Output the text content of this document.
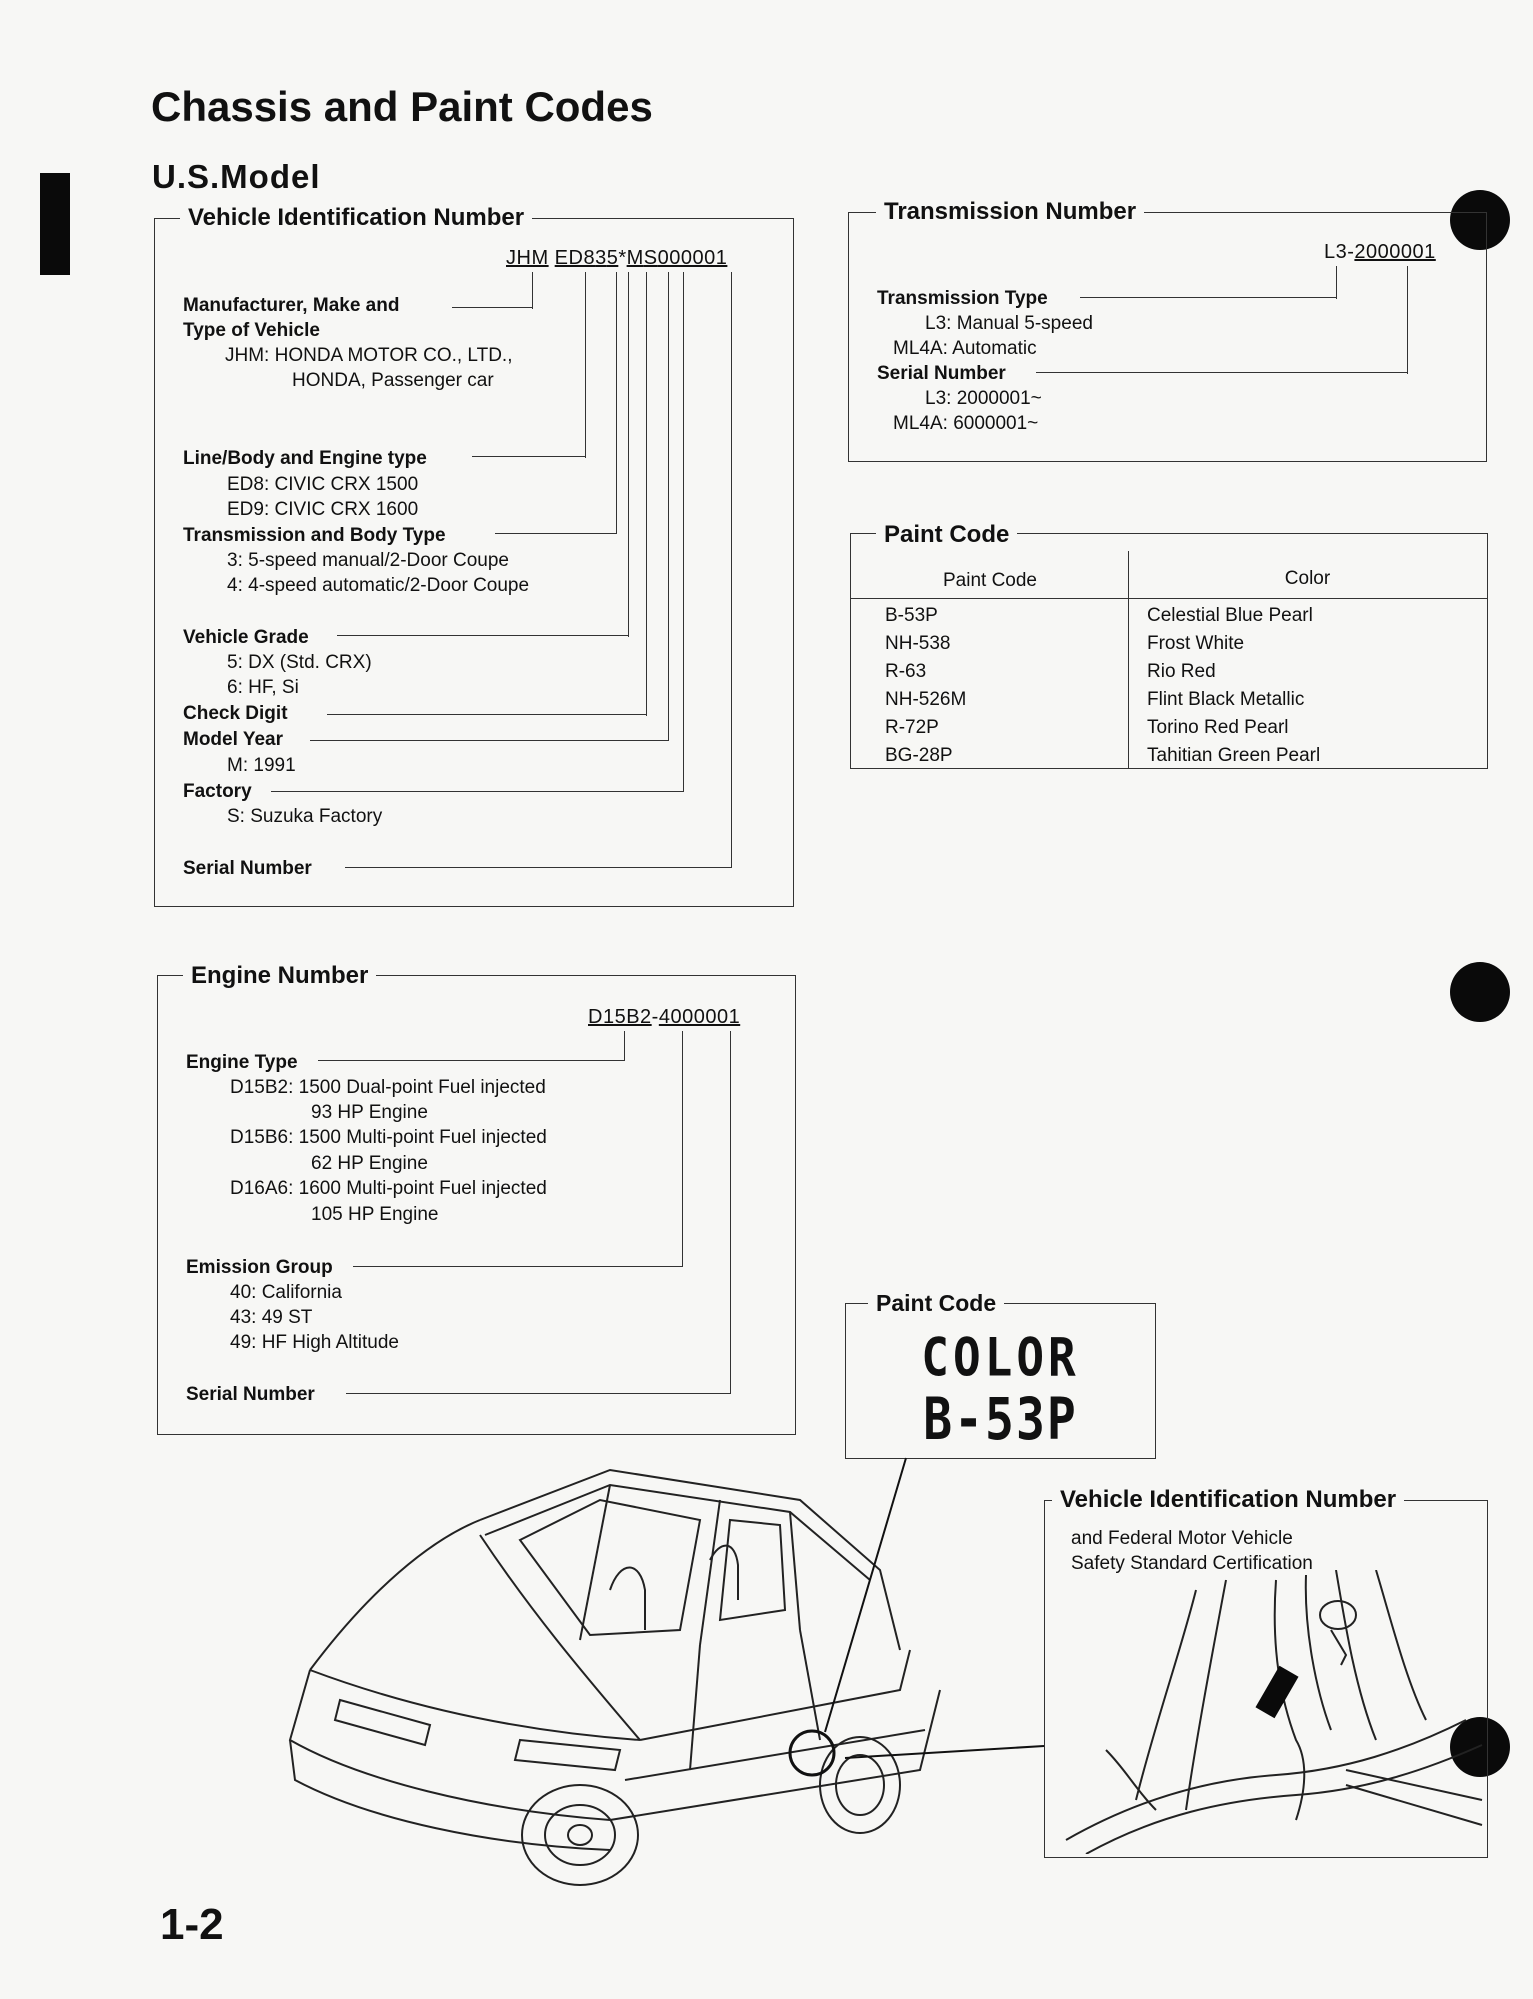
Chassis and Paint Codes
U.S.Model
Vehicle Identification Number
JHM ED835*MS000001
Manufacturer, Make and
Type of Vehicle
JHM: HONDA MOTOR CO., LTD.,
HONDA, Passenger car
Line/Body and Engine type
ED8: CIVIC CRX 1500
ED9: CIVIC CRX 1600
Transmission and Body Type
3: 5-speed manual/2-Door Coupe
4: 4-speed automatic/2-Door Coupe
Vehicle Grade
5: DX (Std. CRX)
6: HF, Si
Check Digit
Model Year
M: 1991
Factory
S: Suzuka Factory
Serial Number
Transmission Number
L3-2000001
Transmission Type
L3: Manual 5-speed
ML4A: Automatic
Serial Number
L3: 2000001~
ML4A: 6000001~
Paint Code
Paint Code	Color
B-53P	Celestial Blue Pearl
NH-538	Frost White
R-63	Rio Red
NH-526M	Flint Black Metallic
R-72P	Torino Red Pearl
BG-28P	Tahitian Green Pearl
Engine Number
D15B2-4000001
Engine Type
D15B2: 1500 Dual-point Fuel injected
93 HP Engine
D15B6: 1500 Multi-point Fuel injected
62 HP Engine
D16A6: 1600 Multi-point Fuel injected
105 HP Engine
Emission Group
40: California
43: 49 ST
49: HF High Altitude
Serial Number
Paint Code
COLOR
B-53P
Vehicle Identification Number
and Federal Motor Vehicle
Safety Standard Certification
1-2
